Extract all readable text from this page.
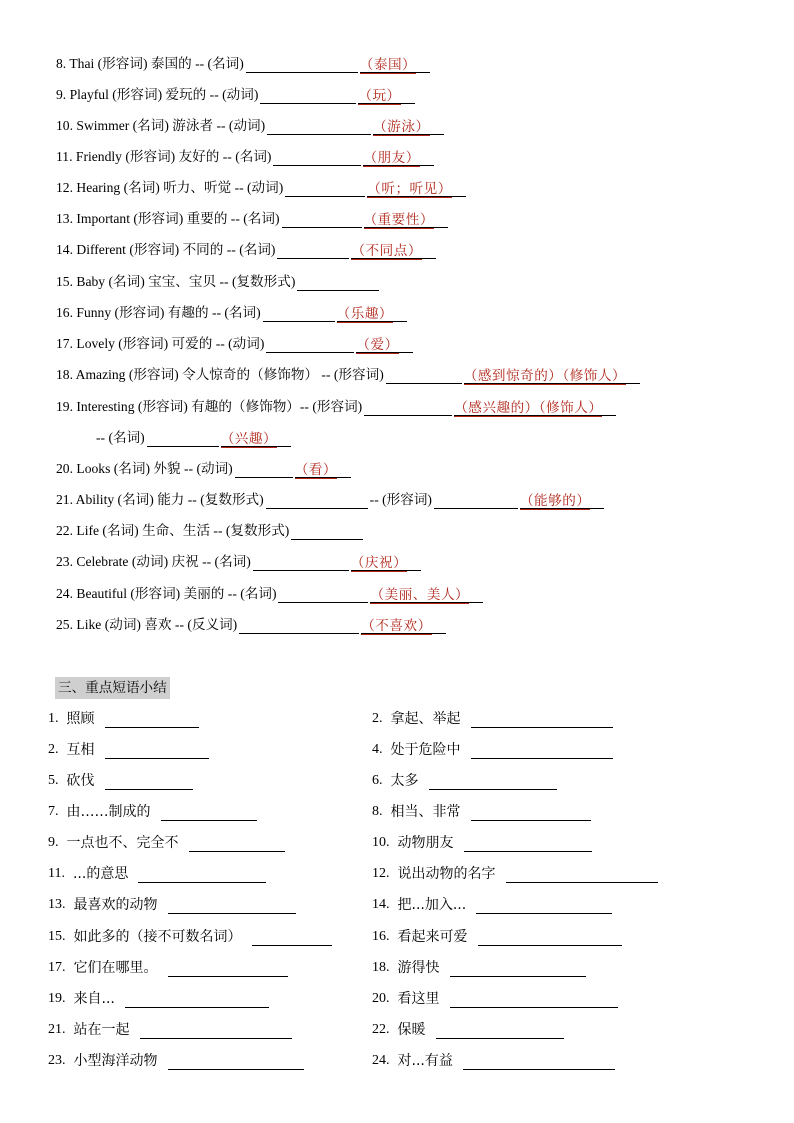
8. Thai (形容词) 泰国的 -- (名词)	（泰国）
9. Playful (形容词) 爱玩的 -- (动词)	（玩）
10. Swimmer (名词) 游泳者 -- (动词)	（游泳）
11. Friendly (形容词) 友好的 -- (名词)	（朋友）
12. Hearing (名词) 听力、听觉 -- (动词)	（听；听见）
13. Important (形容词) 重要的 -- (名词)	（重要性）
14. Different (形容词) 不同的 -- (名词)	（不同点）
15. Baby (名词) 宝宝、宝贝 -- (复数形式)
16. Funny (形容词) 有趣的 -- (名词)	（乐趣）
17. Lovely (形容词) 可爱的 -- (动词)	（爱）
18. Amazing (形容词) 令人惊奇的（修饰物） -- (形容词)	（感到惊奇的）（修饰人）
19. Interesting (形容词) 有趣的（修饰物）-- (形容词)	（感兴趣的）（修饰人）
-- (名词)	（兴趣）
20. Looks (名词) 外貌 -- (动词)	（看）
21. Ability (名词) 能力 -- (复数形式)	-- (形容词)	（能够的）
22. Life (名词) 生命、生活 -- (复数形式)
23. Celebrate (动词) 庆祝 -- (名词)	（庆祝）
24. Beautiful (形容词) 美丽的 -- (名词)	（美丽、美人）
25. Like (动词) 喜欢 -- (反义词)	（不喜欢）
三、重点短语小结
1. 照顾	2. 拿起、举起
2. 互相	4. 处于危险中
5. 砍伐	6. 太多
7. 由……制成的	8. 相当、非常
9. 一点也不、完全不	10. 动物朋友
11. ...的意思	12. 说出动物的名字
13. 最喜欢的动物	14. 把...加入...
15. 如此多的（接不可数名词）	16. 看起来可爱
17. 它们在哪里。	18. 游得快
19. 来自...	20. 看这里
21. 站在一起	22. 保暖
23. 小型海洋动物	24. 对...有益
